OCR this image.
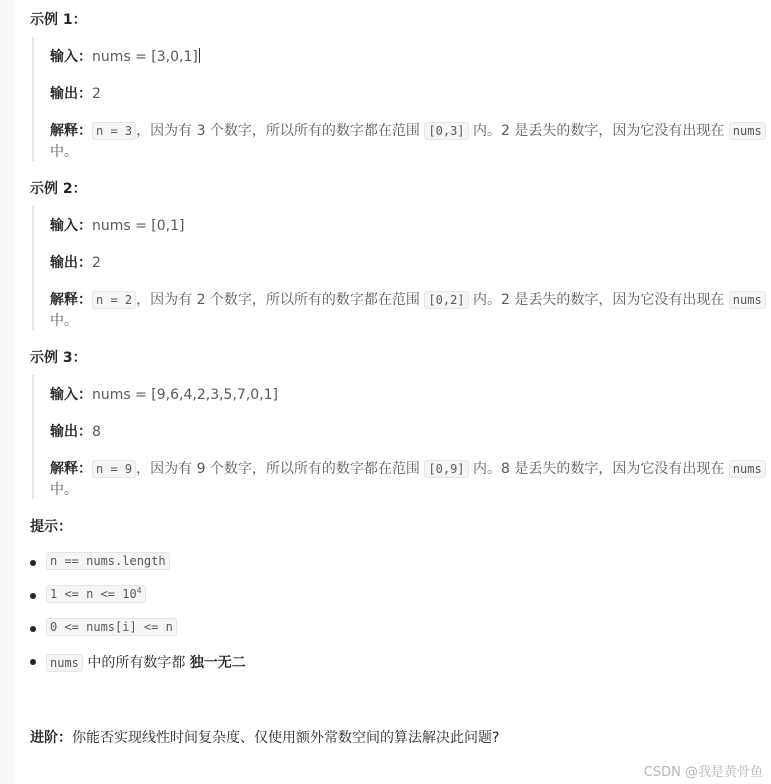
示例 1：
输入：nums = [3,0,1]
输出：2
解释： n = 3 ，因为有 3 个数字，所以所有的数字都在范围 [0,3] 内。2 是丢失的数字，因为它没有出现在 nums
中。
示例 2：
输入：nums = [0,1]
输出：2
解释： n = 2 ，因为有 2 个数字，所以所有的数字都在范围 [0,2] 内。2 是丢失的数字，因为它没有出现在 nums
中。
示例 3：
输入：nums = [9,6,4,2,3,5,7,0,1]
输出：8
解释： n = 9 ，因为有 9 个数字，所以所有的数字都在范围 [0,9] 内。8 是丢失的数字，因为它没有出现在 nums
中。
提示：
n == nums.length
$1 <= n <= 10^4$
0 <= nums[i] <= n
nums 中的所有数字都 独一无二
进阶：你能否实现线性时间复杂度、仅使用额外常数空间的算法解决此问题?
CSDN @我是黄骨鱼
